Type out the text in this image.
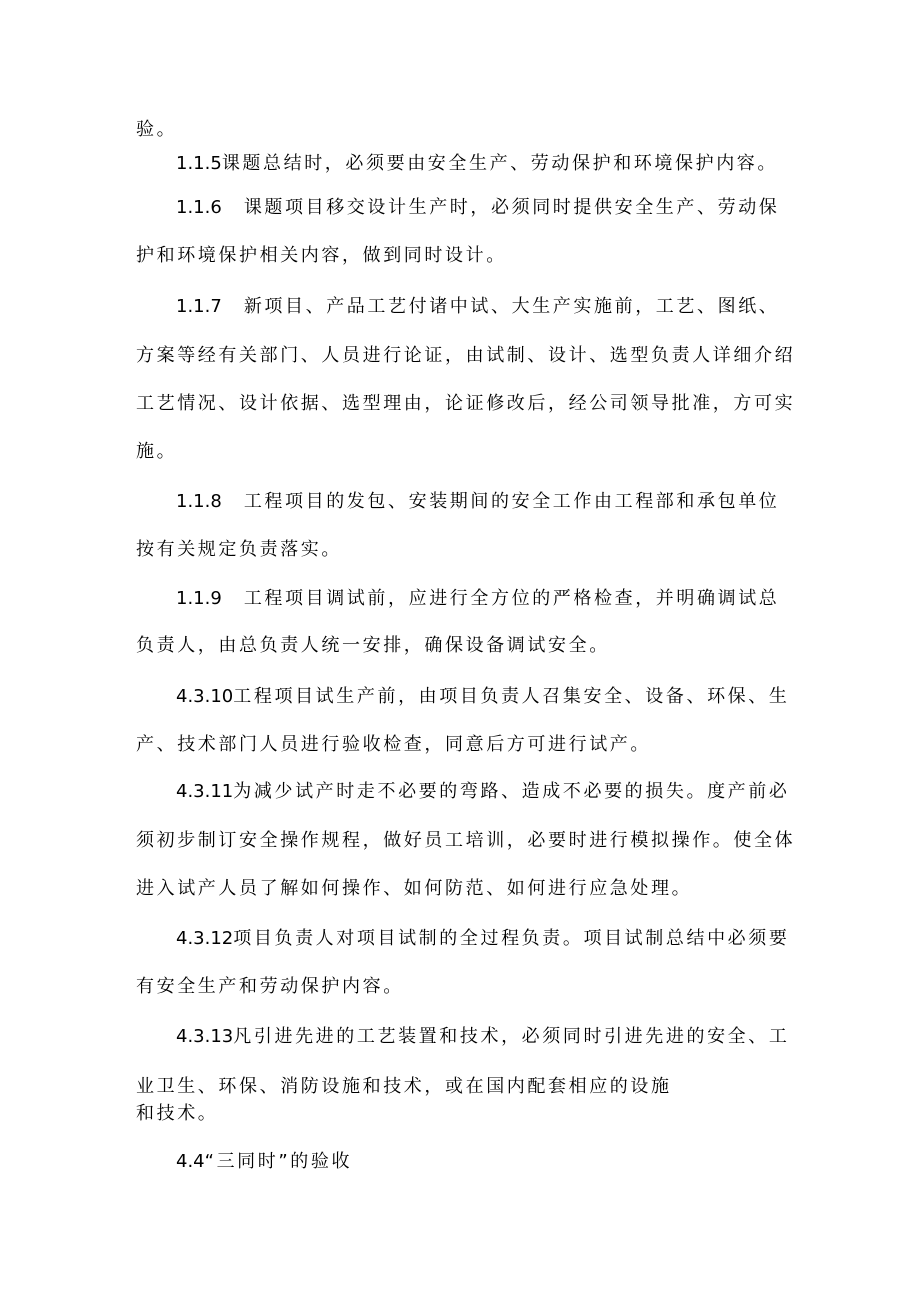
验。
1.1.5课题总结时，必须要由安全生产、劳动保护和环境保护内容。
1.1.6 课题项目移交设计生产时，必须同时提供安全生产、劳动保
护和环境保护相关内容，做到同时设计。
1.1.7 新项目、产品工艺付诸中试、大生产实施前，工艺、图纸、
方案等经有关部门、人员进行论证，由试制、设计、选型负责人详细介绍
工艺情况、设计依据、选型理由，论证修改后，经公司领导批准，方可实
施。
1.1.8 工程项目的发包、安装期间的安全工作由工程部和承包单位
按有关规定负责落实。
1.1.9 工程项目调试前，应进行全方位的严格检查，并明确调试总
负责人，由总负责人统一安排，确保设备调试安全。
4.3.10工程项目试生产前，由项目负责人召集安全、设备、环保、生
产、技术部门人员进行验收检查，同意后方可进行试产。
4.3.11为减少试产时走不必要的弯路、造成不必要的损失。度产前必
须初步制订安全操作规程，做好员工培训，必要时进行模拟操作。使全体
进入试产人员了解如何操作、如何防范、如何进行应急处理。
4.3.12项目负责人对项目试制的全过程负责。项目试制总结中必须要
有安全生产和劳动保护内容。
4.3.13凡引进先进的工艺装置和技术，必须同时引进先进的安全、工
业卫生、环保、消防设施和技术，或在国内配套相应的设施
和技术。
4.4“三同时”的验收
